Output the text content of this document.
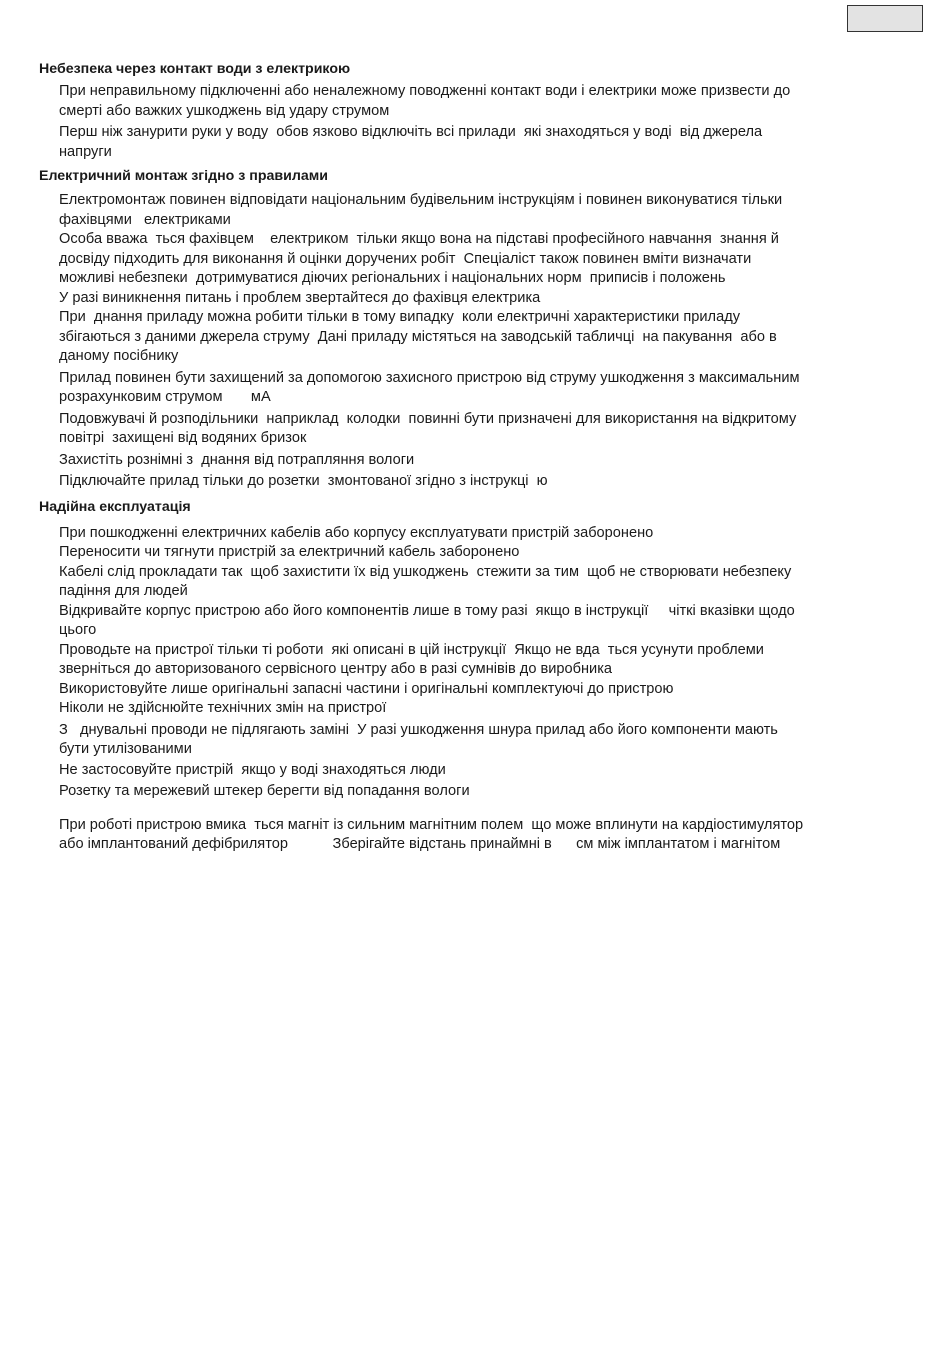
Небезпека через контакт води з електрикою

При неправильному підключенні або неналежному поводженні контакт води і електрики може призвести до
смерті або важких ушкоджень від удару струмом

Перш ніж занурити руки у воду  обов язково відключіть всі прилади  які знаходяться у воді  від джерела
напруги

Електричний монтаж згідно з правилами

Електромонтаж повинен відповідати національним будівельним інструкціям і повинен виконуватися тільки
фахівцями   електриками

Особа вважа  ться фахівцем    електриком  тільки якщо вона на підставі професійного навчання  знання й
досвіду підходить для виконання й оцінки доручених робіт  Спеціаліст також повинен вміти визначати
можливі небезпеки  дотримуватися діючих регіональних і національних норм  приписів і положень

У разі виникнення питань і проблем звертайтеся до фахівця електрика

При  днання приладу можна робити тільки в тому випадку  коли електричні характеристики приладу
збігаються з даними джерела струму  Дані приладу містяться на заводській табличці  на пакування  або в
даному посібнику

Прилад повинен бути захищений за допомогою захисного пристрою від струму ушкодження з максимальним
розрахунковим струмом       мА

Подовжувачі й розподільники  наприклад  колодки  повинні бути призначені для використання на відкритому
повітрі  захищені від водяних бризок

Захистіть рознімні з  днання від потрапляння вологи

Підключайте прилад тільки до розетки  змонтованої згідно з інструкці  ю

Надійна експлуатація

При пошкодженні електричних кабелів або корпусу експлуатувати пристрій заборонено

Переносити чи тягнути пристрій за електричний кабель заборонено

Кабелі слід прокладати так  щоб захистити їх від ушкоджень  стежити за тим  щоб не створювати небезпеку
падіння для людей

Відкривайте корпус пристрою або його компонентів лише в тому разі  якщо в інструкції     чіткі вказівки щодо
цього

Проводьте на пристрої тільки ті роботи  які описані в цій інструкції  Якщо не вда  ться усунути проблеми
зверніться до авторизованого сервісного центру або в разі сумнівів до виробника

Використовуйте лише оригінальні запасні частини і оригінальні комплектуючі до пристрою

Ніколи не здійснюйте технічних змін на пристрої

З   днувальні проводи не підлягають заміні  У разі ушкодження шнура прилад або його компоненти мають
бути утилізованими

Не застосовуйте пристрій  якщо у воді знаходяться люди

Розетку та мережевий штекер берегти від попадання вологи

При роботі пристрою вмика  ться магніт із сильним магнітним полем  що може вплинути на кардіостимулятор
або імплантований дефібрилятор           Зберігайте відстань принаймні в      см між імплантатом і магнітом
